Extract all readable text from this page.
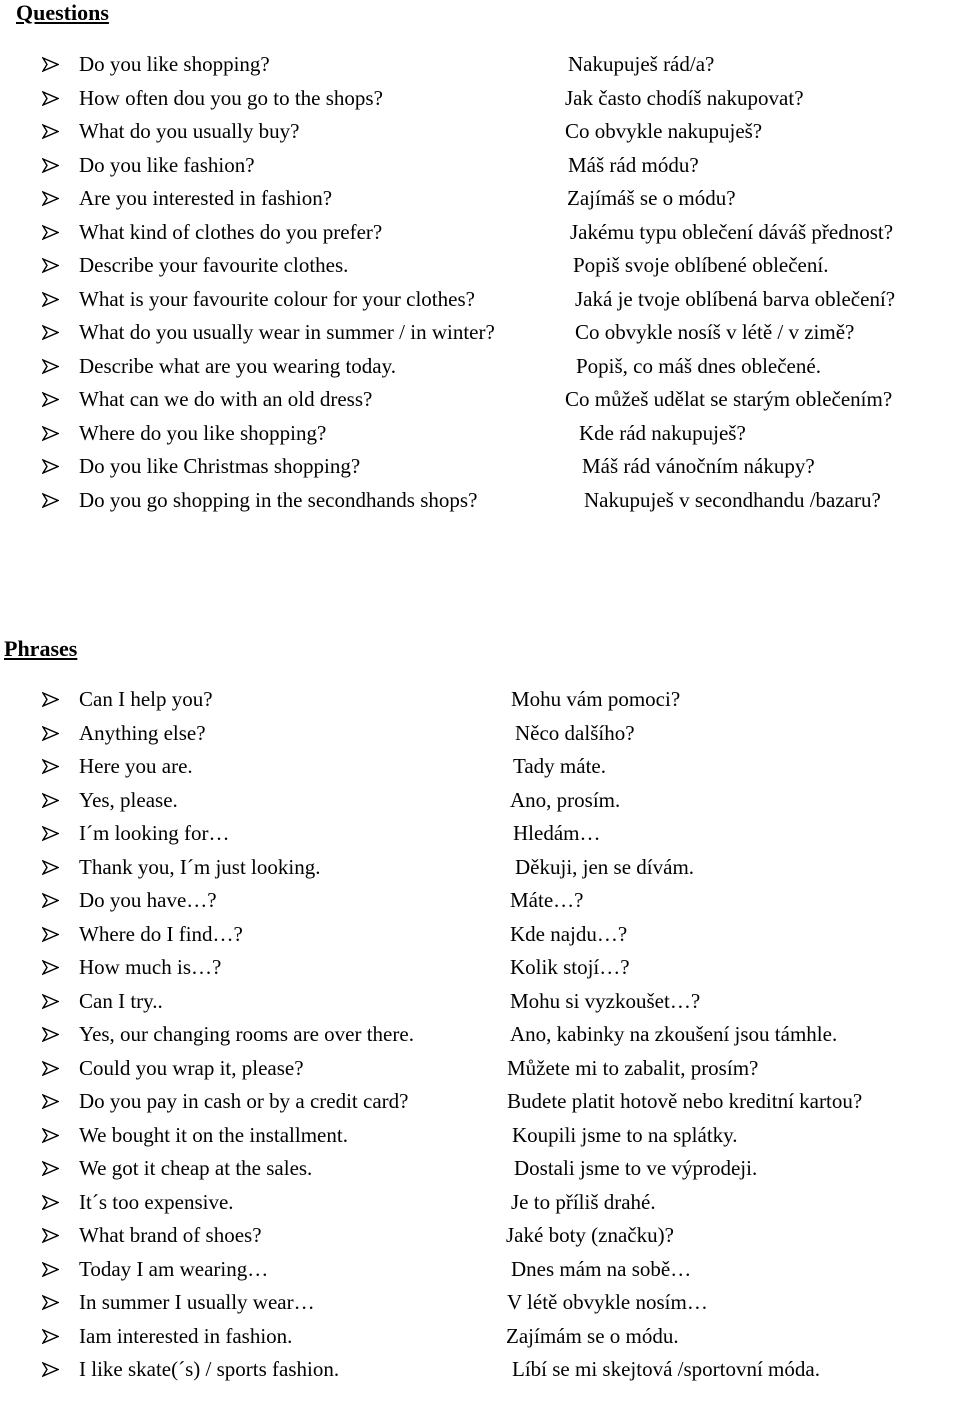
Questions
Do you like shopping?	Nakupuješ rád/a?
How often dou you go to the shops?	Jak často chodíš nakupovat?
What do you usually buy?	Co obvykle nakupuješ?
Do you like fashion?	Máš rád módu?
Are you interested in fashion?	Zajímáš se o módu?
What kind of clothes do you prefer?	Jakému typu oblečení dáváš přednost?
Describe your favourite clothes.	Popiš svoje oblíbené oblečení.
What is your favourite colour for your clothes?	Jaká je tvoje oblíbená barva oblečení?
What do you usually wear in summer / in winter?	Co obvykle nosíš v létě / v zimě?
Describe what are you wearing today.	Popiš, co máš dnes oblečené.
What can we do with an old dress?	Co můžeš udělat se starým oblečením?
Where do you like shopping?	Kde rád nakupuješ?
Do you like Christmas shopping?	Máš rád vánočním nákupy?
Do you go shopping in the secondhands shops?	Nakupuješ v secondhandu /bazaru?
Phrases
Can I help you?	Mohu vám pomoci?
Anything else?	Něco dalšího?
Here you are.	Tady máte.
Yes, please.	Ano, prosím.
I´m looking for…	Hledám…
Thank you, I´m just looking.	Děkuji, jen se dívám.
Do you have…?	Máte…?
Where do I find…?	Kde najdu…?
How much is…?	Kolik stojí…?
Can I try..	Mohu si vyzkoušet…?
Yes, our changing rooms are over there.	Ano, kabinky na zkoušení jsou támhle.
Could you wrap it, please?	Můžete mi to zabalit, prosím?
Do you pay in cash or by a credit card?	Budete platit hotově nebo kreditní kartou?
We bought it on the installment.	Koupili jsme to na splátky.
We got it cheap at the sales.	Dostali jsme to ve výprodeji.
It´s too expensive.	Je to příliš drahé.
What brand of shoes?	Jaké boty (značku)?
Today I am wearing…	Dnes mám na sobě…
In summer I usually wear…	V létě obvykle nosím…
Iam interested in fashion.	Zajímám se o módu.
I like skate(´s) / sports fashion.	Líbí se mi skejtová /sportovní móda.
